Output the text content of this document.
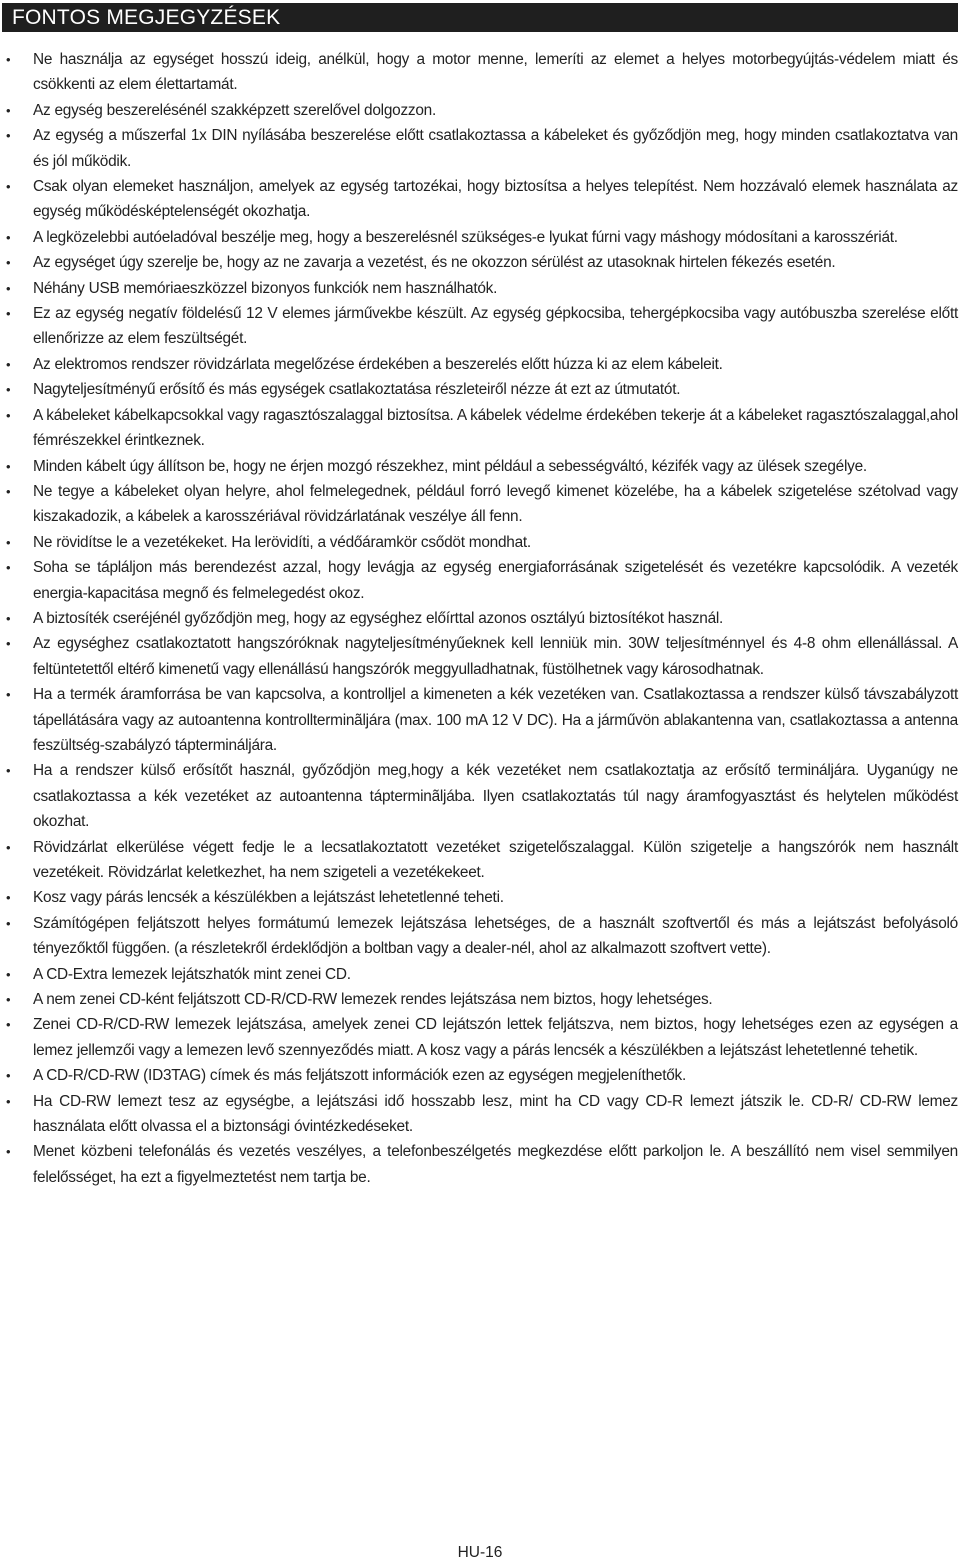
FONTOS MEGJEGYZÉSEK
• Ne használja az egységet hosszú ideig, anélkül, hogy a motor menne, lemeríti az elemet a helyes motorbegyújtás-védelem miatt és csökkenti az elem élettartamát.
• Az egység beszerelésénél szakképzett szerelővel dolgozzon.
• Az egység a műszerfal 1x DIN nyílásába beszerelése előtt csatlakoztassa a kábeleket és győződjön meg, hogy minden csatlakoztatva van és jól működik.
• Csak olyan elemeket használjon, amelyek az egység tartozékai, hogy biztosítsa a helyes telepítést. Nem hozzávaló elemek használata az egység működésképtelenségét okozhatja.
• A legközelebbi autóeladóval beszélje meg, hogy a beszerelésnél szükséges-e lyukat fúrni vagy máshogy módosítani a karosszériát.
• Az egységet úgy szerelje be, hogy az ne zavarja a vezetést, és ne okozzon sérülést az utasoknak hirtelen fékezés esetén.
• Néhány USB memóriaeszközzel bizonyos funkciók nem használhatók.
• Ez az egység negatív földelésű 12 V elemes járművekbe készült. Az egység gépkocsiba, tehergépkocsiba vagy autóbuszba szerelése előtt ellenőrizze az elem feszültségét.
• Az elektromos rendszer rövidzárlata megelőzése érdekében a beszerelés előtt húzza ki az elem kábeleit.
• Nagyteljesítményű erősítő és más egységek csatlakoztatása részleteiről nézze át ezt az útmutatót.
• A kábeleket kábelkapcsokkal vagy ragasztószalaggal biztosítsa. A kábelek védelme érdekében tekerje át a kábeleket ragasztószalaggal,ahol fémrészekkel érintkeznek.
• Minden kábelt úgy állítson be, hogy ne érjen mozgó részekhez, mint például a sebességváltó, kézifék vagy az ülések szegélye.
• Ne tegye a kábeleket olyan helyre, ahol felmelegednek, például forró levegő kimenet közelébe, ha a kábelek szigetelése szétolvad vagy kiszakadozik, a kábelek a karosszériával rövidzárlatának veszélye áll fenn.
• Ne rövidítse le a vezetékeket. Ha lerövidíti, a védőáramkör csődöt mondhat.
• Soha se tápláljon más berendezést azzal, hogy levágja az egység energiaforrásának szigetelését és vezetékre kapcsolódik. A vezeték energia-kapacitása megnő és felmelegedést okoz.
• A biztosíték cseréjénél győződjön meg, hogy az egységhez előírttal azonos osztályú biztosítékot használ.
• Az egységhez csatlakoztatott hangszóróknak nagyteljesítményűeknek kell lenniük min. 30W teljesítménnyel és 4-8 ohm ellenállással. A feltüntetettől eltérő kimenetű vagy ellenállású hangszórók meggyulladhatnak, füstölhetnek vagy károsodhatnak.
• Ha a termék áramforrása be van kapcsolva, a kontrolljel a kimeneten a kék vezetéken van. Csatlakoztassa a rendszer külső távszabályzott tápellátására vagy az autoantenna kontrollterminãljára (max. 100 mA 12 V DC). Ha a járművön ablakantenna van, csatlakoztassa a antenna feszültség-szabályzó táptermináljára.
• Ha a rendszer külső erősítőt használ, győződjön meg,hogy a kék vezetéket nem csatlakoztatja az erősítő termináljára. Uyganúgy ne csatlakoztassa a kék vezetéket az autoantenna tápterminãljába. Ilyen csatlakoztatás túl nagy áramfogyasztást és helytelen működést okozhat.
• Rövidzárlat elkerülése végett fedje le a lecsatlakoztatott vezetéket szigetelőszalaggal. Külön szigetelje a hangszórók nem használt vezetékeit. Rövidzárlat keletkezhet, ha nem szigeteli a vezetékekeet.
• Kosz vagy párás lencsék a készülékben a lejátszást lehetetlenné teheti.
• Számítógépen feljátszott helyes formátumú lemezek lejátszása lehetséges, de a használt szoftvertől és más a lejátszást befolyásoló tényezőktől függően. (a részletekről érdeklődjön a boltban vagy a dealer-nél, ahol az alkalmazott szoftvert vette).
• A CD-Extra lemezek lejátszhatók mint zenei CD.
• A nem zenei CD-ként feljátszott CD-R/CD-RW lemezek rendes lejátszása nem biztos, hogy lehetséges.
• Zenei CD-R/CD-RW lemezek lejátszása, amelyek zenei CD lejátszón lettek feljátszva, nem biztos, hogy lehetséges ezen az egységen a lemez jellemzői vagy a lemezen levő szennyeződés miatt. A kosz vagy a párás lencsék a készülékben a lejátszást lehetetlenné tehetik.
• A CD-R/CD-RW (ID3TAG) címek és más feljátszott információk ezen az egységen megjeleníthetők.
• Ha CD-RW lemezt tesz az egységbe, a lejátszási idő hosszabb lesz, mint ha CD vagy CD-R lemezt játszik le. CD-R/ CD-RW lemez használata előtt olvassa el a biztonsági óvintézkedéseket.
• Menet közbeni telefonálás és vezetés veszélyes, a telefonbeszélgetés megkezdése előtt parkoljon le. A beszállító nem visel semmilyen felelősséget, ha ezt a figyelmeztetést nem tartja be.
HU-16
